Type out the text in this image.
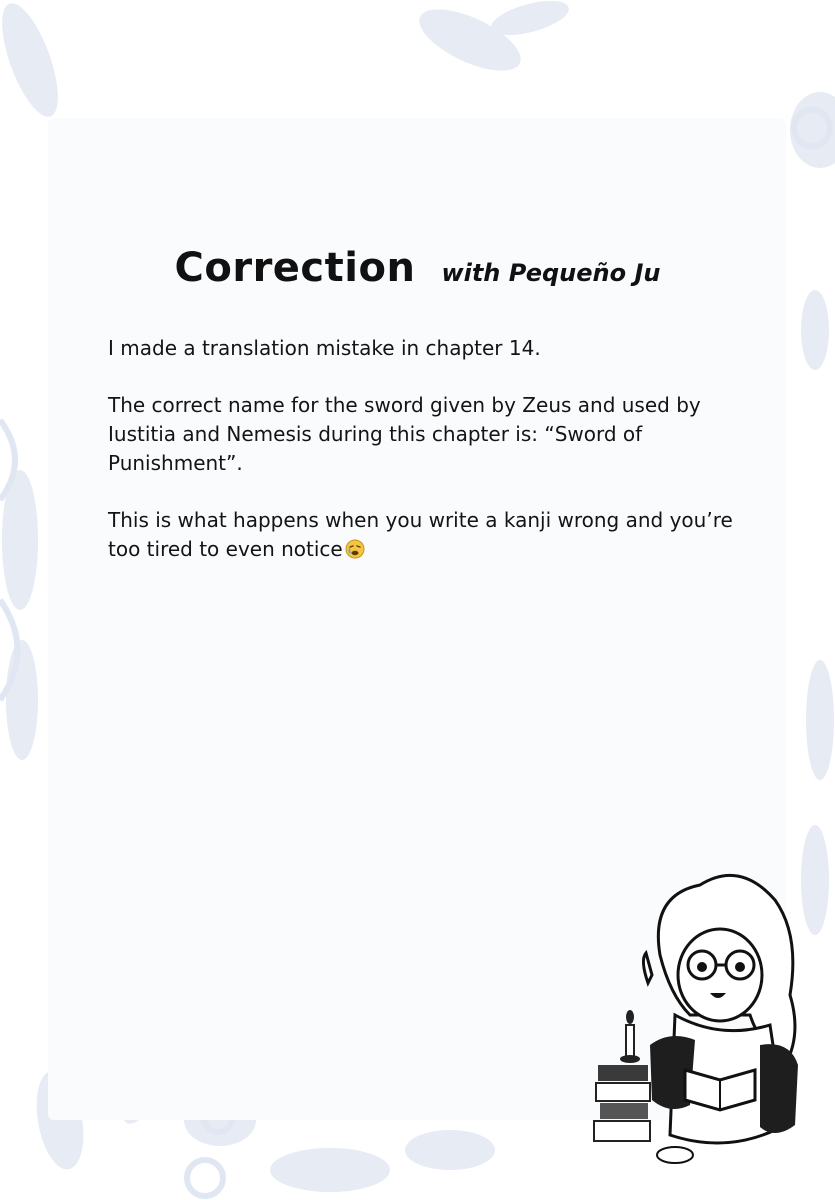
Correction with Pequeño Ju

I made a translation mistake in chapter 14.

The correct name for the sword given by Zeus and used by Iustitia and Nemesis during this chapter is: “Sword of Punishment”.

This is what happens when you write a kanji wrong and you’re too tired to even notice
